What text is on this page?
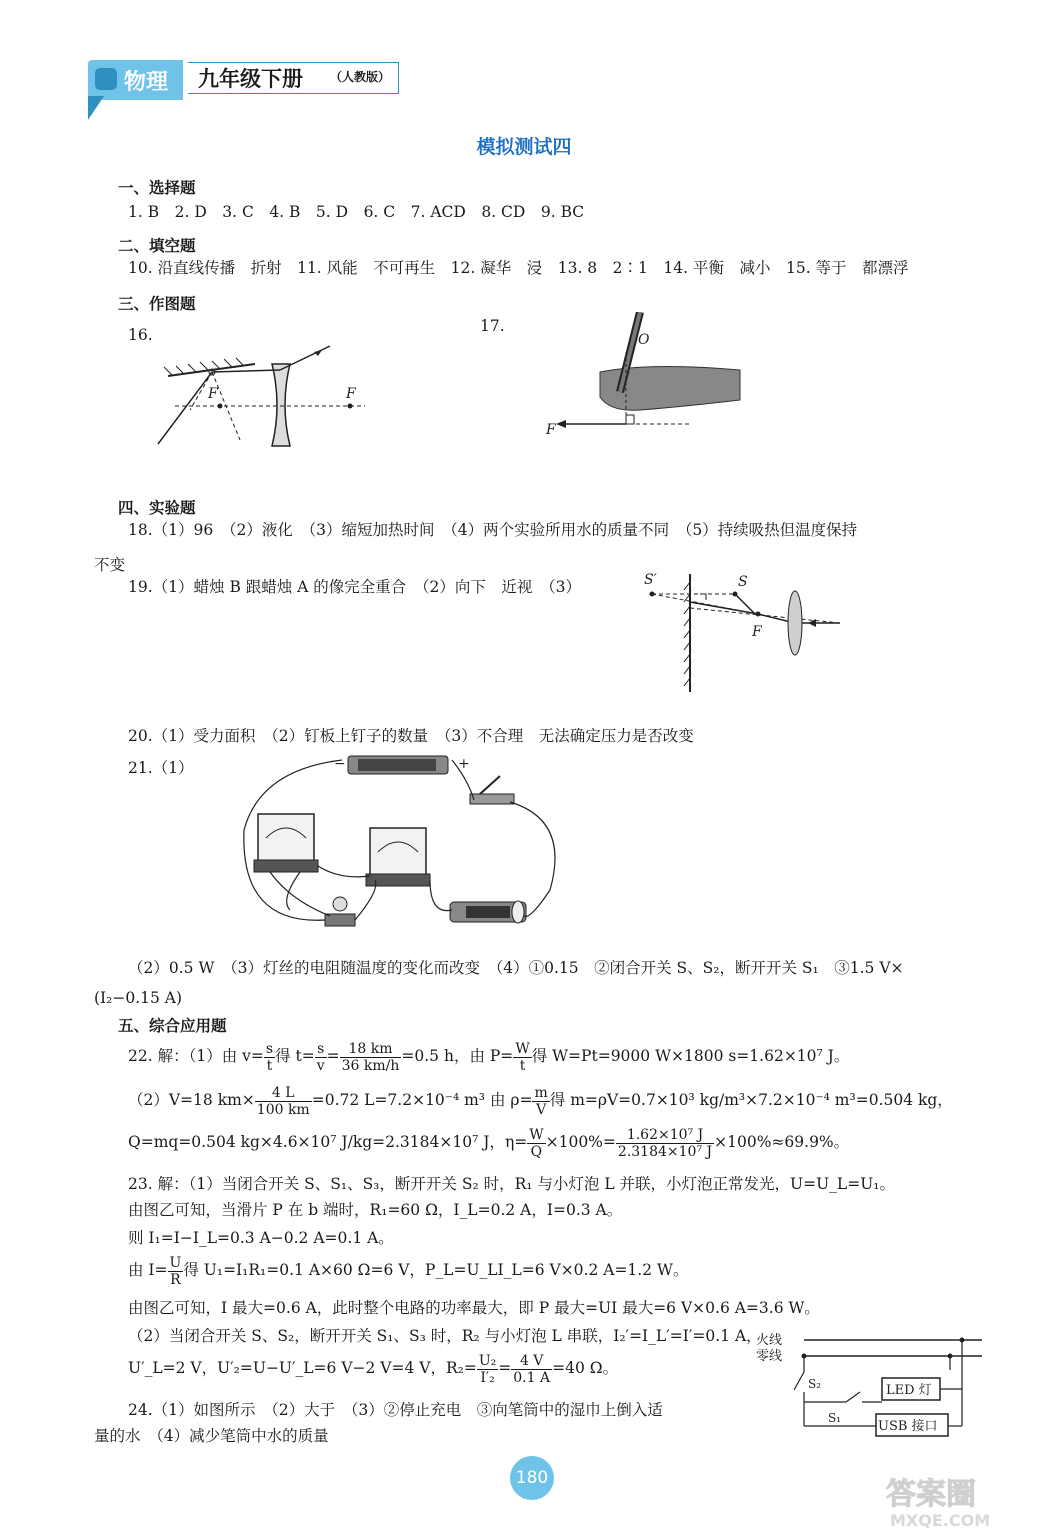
物理 九年级下册 （人教版）
模拟测试四
一、选择题
1. B　2. D　3. C　4. B　5. D　6. C　7. ACD　8. CD　9. BC
二、填空题
10. 沿直线传播　折射　11. 风能　不可再生　12. 凝华　浸　13. 8　2∶1　14. 平衡　减小　15. 等于　都漂浮
三、作图题
16.	17.
F	F
O
F
四、实验题
18.（1）96　（2）液化　（3）缩短加热时间　（4）两个实验所用水的质量不同　（5）持续吸热但温度保持
不变
19.（1）蜡烛 B 跟蜡烛 A 的像完全重合　（2）向下　近视　（3）	S′	S
F
20.（1）受力面积　（2）钉板上钉子的数量　（3）不合理　无法确定压力是否改变
21.（1）	−	+
（2）0.5 W　（3）灯丝的电阻随温度的变化而改变　（4）①0.15　②闭合开关 S、S₂，断开开关 S₁　③1.5 V×
(I₂−0.15 A)
五、综合应用题
22. 解：（1）由 $v= \frac{s}{t}$ 得 $t= \frac{s}{v} = \frac{18 km}{36 km/h} =0.5$ h，由 $P= \frac{W}{t}$ 得 W=Pt=9000 W×1800 s=1.62×10⁷ J。
（2）V=18 $km\times \frac{4 L}{100 km} =0.72$ L=7.2×10⁻⁴ m³ 由 $\rho= \frac{m}{V}$ 得 m=ρV=0.7×10³ kg/m³×7.2×10⁻⁴ m³=0.504 kg，
Q=mq=0.504 kg×4.6×10⁷ J/kg=2.3184×10⁷ J，$\eta= \frac{W}{Q} \times 100\%= \frac{\text{1.62×10⁷ J}}{\text{2.3184×10⁷ J}} \times 100\%\approx 69.9\%$。
23. 解：（1）当闭合开关 S、S₁、S₃，断开开关 S₂ 时，R₁ 与小灯泡 L 并联，小灯泡正常发光，U=U_L=U₁。
由图乙可知，当滑片 P 在 b 端时，R₁=60 Ω，I_L=0.2 A，I=0.3 A。
则 I₁=I−I_L=0.3 A−0.2 A=0.1 A。
由 $I= \frac{U}{R}$ 得 U₁=I₁R₁=0.1 A×60 Ω=6 V，P_L=U_LI_L=6 V×0.2 A=1.2 W。
由图乙可知，I 最大=0.6 A，此时整个电路的功率最大，即 P 最大=UI 最大=6 V×0.6 A=3.6 W。
（2）当闭合开关 S、S₂，断开开关 S₁、S₃ 时，R₂ 与小灯泡 L 串联，I₂′=I_L′=I′=0.1 A，
U′_L=2 V，U′₂=U−U′_L=6 V−2 V=4 V，$R_2= \frac{\text{U₂}}{\text{I′₂}} = \frac{4 V}{0.1 A} =40$ Ω。
24.（1）如图所示　（2）大于　（3）②停止充电　③向笔筒中的湿巾上倒入适
量的水　（4）减少笔筒中水的质量
火线
零线
S₂
S₁
LED 灯
USB 接口
180	答案圈
MXQE.COM
